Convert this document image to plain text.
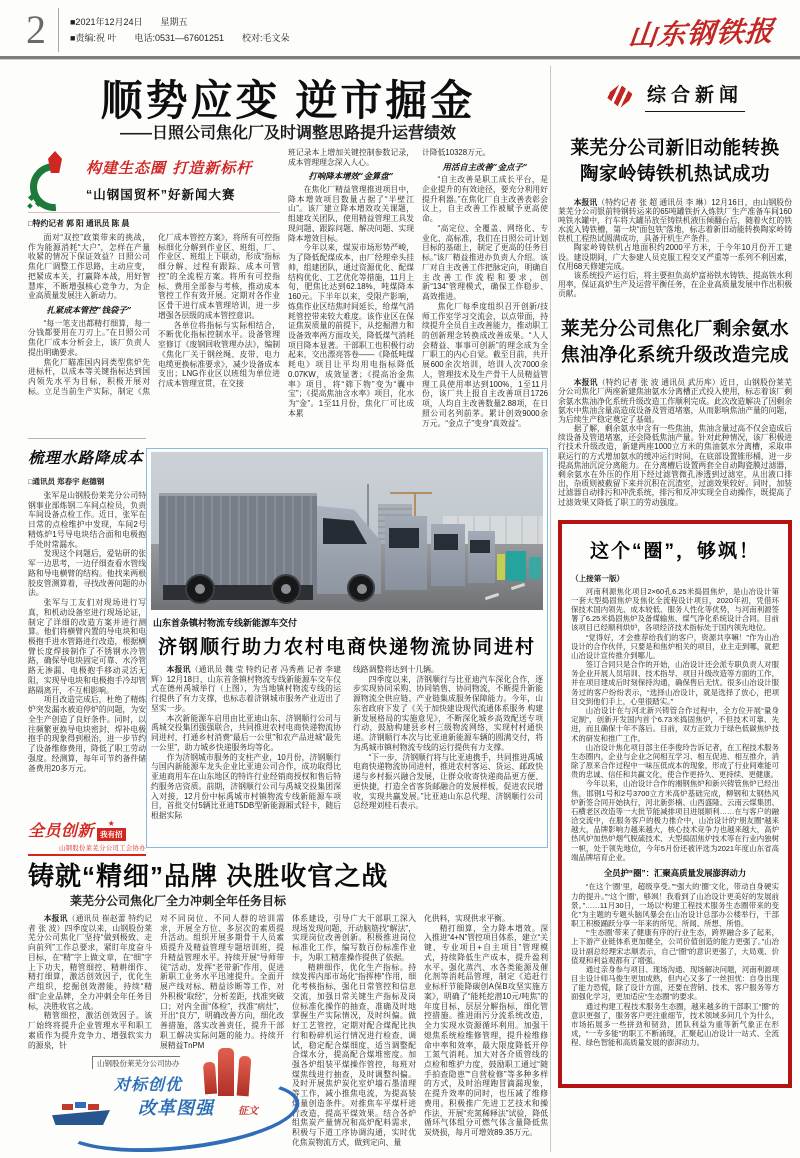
2	■2021年12月24日 星期五
■责编:祝 叶 电话:0531—67601251 校对:毛文朵	山东钢铁报
顺势应变 逆市掘金
——日照公司焦化厂及时调整思路提升运营绩效
构建生态圈 打造新标杆
“山钢国贸杯”好新闻大赛
□特约记者 郭 阳 通讯员 陈 晨

面对“双控”政策带来的挑战，作为能源消耗“大户”，怎样在产量收紧的情况下保证效益？日照公司焦化厂调整工作思路，主动应变，把紧成本关，打赢降本战，用好智慧库，不断增强核心竞争力，为企业高质量发展注入新动力。

扎紧成本管控“钱袋子”

“每一笔支出都精打细算，每一分钱都要用在刀刃上。”在日照公司焦化厂成本分析会上，该厂负责人提出明确要求。

焦化厂瞄准国内同类型焦炉先进标杆，以成本等关键指标达到国内领先水平为目标，积极开展对标。立足当前生产实际，制定《焦化厂成本管控方案》，将所有可控指标细化分解到作业区、班组，厂、作业区、班组上下联动，形成“指标细分解、过程有跟踪、成本可管控”的全流程方案。将所有可控指标、费用全部参与考核，推动成本管控工作有效开展。定期对各作业区骨干进行成本管理培训，进一步增强各层级的成本管控意识。

各单位将指标与实际相结合，不断优化指标控制水平。设备管理室修订《废钢回收管理办法》，编制《焦化厂关于钢丝绳、皮带、电力电缆更换标准要求》，减少设备成本支出；LNG作业区以班组为单位进行成本管理宣贯，在交接

班记录本上增加关键控制参数记录，成本管理理念深入人心。

打响降本增效“金算盘”

在焦化厂精益管理推进项目中，降本增效项目数量占据了“半壁江山”。该厂建立降本增效攻关课题，组建攻关团队，使用精益管理工具发现问题、跟踪问题、解决问题、实现降本增效目标。

今年以来，煤炭市场形势严峻，为了降低配煤成本，由厂经理牵头挂帅，组建团队，通过资源优化、配煤结构优化、工艺优化等措施，11月上旬，肥焦比达到62.18%，吨煤降本160元。下半年以来，受限产影响，炼焦作业区结焦时间延长，给煤气消耗管控带来较大难度。该作业区在保证焦炭质量的前提下，从挖掘潜力和设备效率两方面攻关，降低煤气消耗项目降本显著。干部职工也积极行动起来，交出漂亮答卷——《降低吨煤耗电》项目让平均用电指标降低0.07KW，成效显著；《提高冶金焦率》项目，将“筛下物”变为“囊中宝”；《提高焦油含水率》项目，化水为“金”。1至11月份，焦化厂可比成本累

计降低10328万元。

用活自主改善“金点子”

“自主改善是职工成长平台，是企业提升的有效途径，要充分利用好提升利器。”在焦化厂自主改善表彰会议上，自主改善工作被赋予更高使命。

“高定位、全覆盖、网络化、专业化、高标准，我们在日照公司计划目标的基础上，制定了更高的任务目标。”该厂精益推进办负责人介绍。该厂对自主改善工作把脉定向，明确自主改善工作流程和要求，创新“134”管理模式，确保工作稳步、高效推进。

焦化厂每季度组织召开创新/技师工作室学习交流会，以点带面，持续提升全员自主改善能力，推动职工的创新理念转换成改善成果。“人人会精益、事事可创新”的理念成为全厂职工的内心自觉。截至目前，共开展600余次培训，培训人次7000余人，管理技术及生产骨干人员精益管理工具使用率达到100%，1至11月份，该厂共上报自主改善项目1726项，人均自主改善数量2.88项，在日照公司名列前茅。累计创效9000余万元。“金点子”变身“真效益”。

梳理水路降成本
□通讯员 郑春宇 赵德钢

张军是山钢股份莱芜分公司特钢事业部炼钢二车间点检员，负责车间设备点检工作。近日，张军在日常的点检维护中发现，车间2号精炼炉1号导电块结合面和电极抱手处时常漏水。

发现这个问题后，爱钻研的张军一边思考，一边仔细查看水管线路和导电横臂的结构。他找来两根胶皮管测算着，寻找改善问题的办法。

张军与工友们对现场进行写真，和机动设备室进行现场论证，制定了详细的改造方案并进行测算。他们将横臂内置的导电块和电极抱手进水管路进行改造，根据横臂长度焊接制作了不锈钢水冷管路，确保导电块固定可靠、水冷管路无渗漏、电极抱手移动灵活无阻，实现导电块和电极抱手冷却管路隔离开，不互相影响。

项目改造完成后，杜绝了精炼炉突发漏水被迫停炉的问题，为安全生产创造了良好条件。同时，以往频繁更换导电块密封、焊补电极抱手的现象得到根治，进一步节约了设备维修费用，降低了职工劳动强度。经测算，每年可节约备件储备费用20多万元。

全员创新 ★
我有招
山钢股份莱芜分公司工会协办
山东首条镇村物流专线新能源车交付
济钢顺行助力农村电商快递物流协同进村

本报讯（通讯员 魏 莹 特约记者 冯秀燕 记者 李建辉）12月18日，山东首条镇村物流专线新能源车交车仪式在德州禹城举行（上图），为当地镇村物流专线的运行提供了有力支撑，也标志着济钢城市服务产业迈出了坚实一步。

本次新能源车启用由比亚迪山东、济钢顺行公司与禹城交投集团强强联合，共同推进农村电商快递物流协同进村，打通乡村消费“最后一公里”和农产品进城“最先一公里”，助力城乡快递服务均等化。

作为济钢城市服务的支柱产业，10月份，济钢顺行与国内新能源车龙头企业比亚迪公司合作，成功取得比亚迪商用车在山东地区的特许行业经销商授权和售后特约服务店资质。前期，济钢顺行公司与禹城交投集团深入对接，12月份中标禹城市村镇物流专线新能源车项目，首批交付5辆比亚迪T5DB型新能源厢式轻卡，随后根据实际

线路调整将达到十几辆。

四季度以来，济钢顺行与比亚迪汽车深化合作，逐步实现协同采购、协同销售、协同物流，不断提升新能源物流全供应链、产业链集成服务保障能力。今年，山东省政府下发了《关于加快建设现代流通体系服务 构建新发展格局的实施意见》，不断深化城乡高效配送专项行动，鼓励构建县乡村三级物流网络，实现村村通快递。济钢顺行本次与比亚迪新能源车辆的圆满交付，将为禹城市镇村物流专线的运行提供有力支撑。

“下一步，济钢顺行将与比亚迪携手，共同推进禹城电商快递物流协同进村，推进农村客运、货运、邮政快递与乡村振兴融合发展，让群众收寄快递商品更方便、更快捷，打造全省客货邮融合的发展样板，促进农民增收，实现共赢发展。”比亚迪山东总代理、济钢顺行公司总经理刘桂石表示。

铸就“精细”品牌 决胜收官之战
莱芜分公司焦化厂全力冲刺全年任务目标

本报讯（通讯员 崔赵蕾 特约记者 张 波）四季度以来，山钢股份莱芜分公司焦化厂坚持“做到极致、走向前列”工作总要求，紧盯年度奋斗目标，在“精”字上做文章，在“细”字上下功夫，精管细控、精耕细作、精打细算，激活创效因子，优化生产组织，挖掘创效潜能，持续“精细”企业品牌，全力冲刺全年任务目标，决胜收官之战。

精管细控，激活创效因子。该厂始终将提升企业管理水平和职工素质作为提升竞争力、增强软实力的源泉，针

对不同岗位、不同人群的培训需求，开展全方位、多层次的素质提升活动。组织开展多期骨干人员素质提升及精益管理专题培训班，提升精益管理水平。持续开展“导师带徒”活动，发挥“老带新”作用，促进新职工业务水平迅速提升。全面开展产线对标、精益诊断等工作，对外积极“取经”，分析差距，找准突破口；对内全面“体检”，找准“病灶”，开出“良方”，明确改善方向，细化改善措施，落实改善责任，提升干部职工解决实际问题的能力。持续开展精益TnPM

体系建设，引导广大干部职工深入现场发现问题，开动脑筋找“解法”，实现岗位改善创新。积极推进岗位标准化工作，编写数百份标准作业卡，为职工精准操作提供了依据。

精耕细作，优化生产指标。持续发挥内部市场化“指挥棒”作用，细化考核指标，强化日常管控和信息交流，加强日常关键生产指标及岗位标准化操作的抽查，准确及时地掌握生产实际情况，及时纠偏。做好工艺管控，定期对配合煤配比执行和粉碎机运行情况进行检查、调试，稳定配合煤细度，适当调整配合煤水分，提高配合煤堆密度。加强各炉组装平煤操作管控，每班对煤焦线进行抽查，及时调整纠偏。及时开展焦炉炭化室炉墙石墨清理等工作，减小推焦电流，为提高装煤量创造条件。对推焦车平煤杆进行改造，提高平煤效果。结合各炉组焦炭产量情况和高炉配料需求，积极与下道工序协调沟通，实时优化焦炭物流方式，做到定向、量

化供料，实现供求平衡。

精打细算，全力降本增效。深入推进“4+N”管控项目体系，建立“关键、专业项目+自主项目”管理模式，持续降低生产成本，提升盈利水平。强化蒸汽、水各类能源及催化剂等消耗品管理，制定《追赶行业标杆节能降碳创A保B攻坚实施方案》，明确了“能耗挖潜10元/吨焦”的年度目标，层层分解指标，细化管控措施。推进雨污分流系统改造，全力实现水资源循环利用。加强干熄焦系统检维修管理，提升检维修命中率和效率，最大限度降低开停工氮气消耗。加大对各介质管线的点检和维护力度，鼓励职工通过“随手拍查隐患”“自营检修”等多种多样的方式，及时治理跑冒滴漏现象，在提升效率的同时，也压减了维修费用。积极推广先进工艺技术和操作法，开展“充氮稀释法”试验，降低循环气体组分可燃气体含量降低焦炭烧损，每月可增效89.35万元。

山钢股份莱芜分公司协办
对标创优
改革图强 征文
综合新闻
莱芜分公司新旧动能转换
陶家岭铸铁机热试成功

本报讯（特约记者 张 超 通讯员 李 琳）12月16日，由山钢股份莱芜分公司银前特钢转运来的65吨罐铁折入炼铁厂生产准备车间160吨铁水罐中，行车将大罐吊放至铸铁机液压倾翻台后，随着火红的铁水流入铸铁槽，第一块“面包铁”落地，标志着新旧动能转换陶家岭铸铁机工程热试圆满成功，具备开机生产条件。

陶家岭铸铁机占地面积约2000平方米，于今年10月份开工建设。建设期间，广大参建人员克服工程交叉严重等一系列不利因素，仅用68天修建完成。

该系统投产运行后，将主要担负高炉富裕铁水铸铁、提高铁水利用率，保证高炉生产及运营平衡任务，在企业高质量发展中作出积极贡献。

莱芜分公司焦化厂剩余氨水
焦油净化系统升级改造完成

本报讯（特约记者 张 波 通讯员 武历库）近日，山钢股份莱芜分公司焦化厂两座新建焦油氨水分离槽正式投入使用，标志着该厂剩余氨水焦油净化系统升级改造工作顺利完成。此次改造解决了因剩余氨水中焦油含量高造成设备及管道堵塞，从而影响焦油产量的问题，为后续生产稳定奠定了基础。

据了解，剩余氨水中含有一些焦油，焦油含量过高不仅会造成后续设备及管道堵塞，还会降低焦油产量。针对此种情况，该厂积极进行技术升级改造，新建两座1000立方米的焦油氨水分离槽，采取串联运行的方式增加氨水的缓冲运行时间，在底部设置锥形桶，进一步提高焦油沉淀分离能力。在分离槽后设置两套全自动陶瓷膜过滤器，剩余氨水在外压的作用下经过滤管微孔渗透到过滤室，从出液口排出，杂质则被截留下来并沉积在沉渣室，过滤效果较好。同时，加装过滤器自动排污和冲洗系统，排污和反冲实现全自动操作，既提高了过滤效果又降低了职工的劳动强度。

这个“圈”，够飒！
（上接第一版）

河南利源焦化项目2×60孔6.25米捣固焦炉，是山冶设计第一套大型捣固焦炉及焦化全流程设计项目，2020年初，凭借环保技术国内领先、成本较低、服务人性化等优势，与河南利源签署了6.25米捣固焦炉及备煤输焦、煤气净化系统设计合同。目前该项目已经顺利烘炉，各项经济技术指标处于国内领先地位。

“觉得好，才会推荐给我们的客户，资源共享嘛！”作为山冶设计的合作伙伴，只要是和焦炉相关的项目，业主走到哪，就把山冶设计宣传推介到哪儿。

签订合同只是合作的开始，山冶设计还会派专职负责人对服务企业开展人员培训、技术指导、项目升级改造等方面的工作，并在项目建成后时刻保持沟通，确保售后无忧。很多山冶设计服务过的客户纷纷表示，“选择山冶设计，就是选择了放心，把项目交到他们手上，心里很踏实。”

山冶设计在与河北新兴铸管合作过程中，全方位开展“量身定制”，创新开发国内首个6.73米捣固焦炉，不但技术可靠、先进，而且确保十年不落后。目前，双方正致力于绿色低碳焦炉技术的研发和推广工作。

山冶设计焦化项目部主任李俊玲告诉记者，在工程技术服务生态圈内，企业与企业之间相互学习、相互促进、相互推介，消除了原来合作过程中一味压低成本的现象，形成了行业间难能可贵的忠诚、信任和共赢文化，使合作更持久、更持续、更健康。

今年以来，山冶设计合作的湘钢焦炉和新兴铸管焦炉已经出焦，邯钢1号和2号3700立方米高炉基础完成，柳钢和太钢热风炉新签合同开始执行，河北新彭楠、山西盛隆、云南云煤集团、石横老区改造等一大批节能减排项目进展顺利……在与客户的融洽交流中，在服务客户的极力推介中，山冶设计的“朋友圈”越来越大，品牌影响力越来越大，核心技术竞争力也越来越大，高炉热风炉加热炉烟气脱硫技术、大型捣固焦炉技术等在行业内独树一帜，处于领先地位，今年5月份还被评选为2021年度山东省高端品牌培育企业。

全员护“圈”：汇聚高质量发展澎湃动力

“在这个‘圈’里，超级享受。”“强大的‘圈’文化，带动自身硬实力的提升。”“这个‘圈’，够飒！我看到了山冶设计更美好的发展前景。”……11月30日，一场以“构建工程技术服务生态圈带来的变化”为主题的专题头脑风暴会在山冶设计总部办公楼举行，干部职工积极踊跃分享一年来的所见、所闻、所想、所悟。

“‘生态圈’带来了健康有序的行业生态，跨界融合多了起来，上下游产业链体系更加健全，公司价值创造的能力更强了。”山冶设计副总经理宋志顺表示，自己“圈”的意识更强了，大局观、价值观和利益观都有了增强。

通过亲身参与项目、现场沟通、现场解决问题，河南利源项目主设计师马俊生更加成熟，但内心又多了一丝担忧：自身出现了能力恐慌，除了设计方面，还要在营销、技术、客户服务等方面强化学习，更加适应“生态圈”的要求。

通过构建工程技术服务生态圈，越来越多的干部职工“圈”的意识更强了，服务客户更注重细节，技术领域多问几个为什么，市场拓展多一些拼劲和韧劲，团队利益为重等新气象正在形成，“一专多能”的职工不断涌现，汇聚起山冶设计一站式、全流程、绿色智能和高质量发展的澎湃动力。
